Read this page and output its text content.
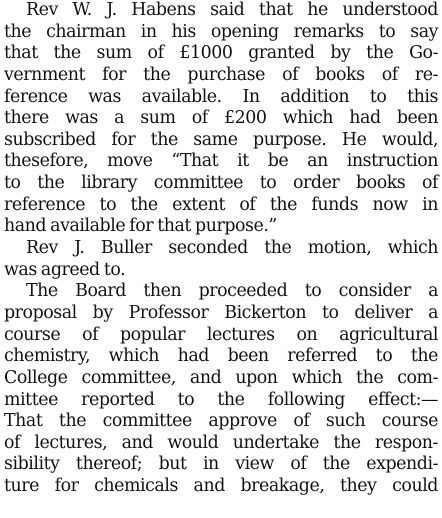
Rev W. J. Habens said that he understood
the chairman in his opening remarks to say
that the sum of £1000 granted by the Go-
vernment for the purchase of books of re-
ference was available. In addition to this
there was a sum of £200 which had been
subscribed for the same purpose. He would,
thesefore, move “That it be an instruction
to the library committee to order books of
reference to the extent of the funds now in
hand available for that purpose.”
Rev J. Buller seconded the motion, which
was agreed to.
The Board then proceeded to consider a
proposal by Professor Bickerton to deliver a
course of popular lectures on agricultural
chemistry, which had been referred to the
College committee, and upon which the com-
mittee reported to the following effect:—
That the committee approve of such course
of lectures, and would undertake the respon-
sibility thereof; but in view of the expendi-
ture for chemicals and breakage, they could
